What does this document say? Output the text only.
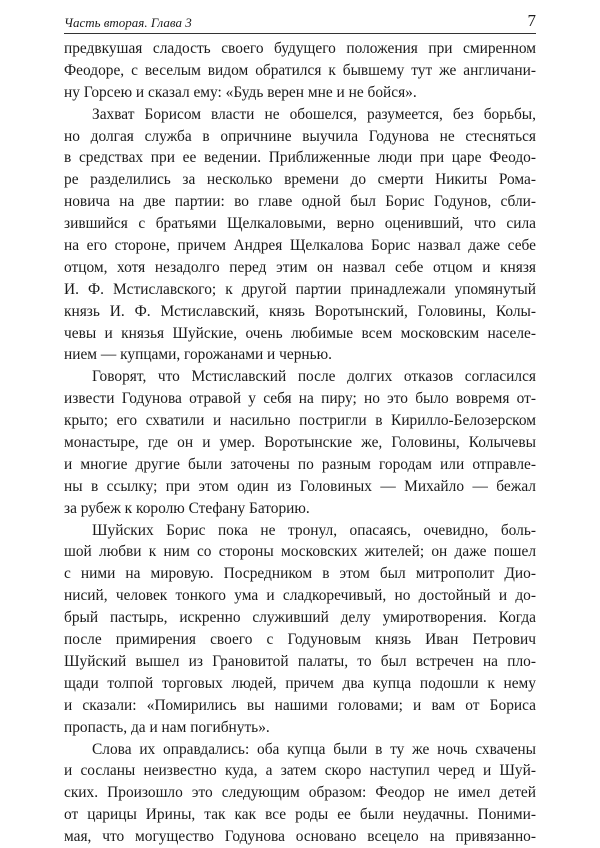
Часть вторая. Глава 3	7
предвкушая сладость своего будущего положения при смиренном
Феодоре, с веселым видом обратился к бывшему тут же англичани-
ну Горсею и сказал ему: «Будь верен мне и не бойся».
Захват Борисом власти не обошелся, разумеется, без борьбы,
но долгая служба в опричнине выучила Годунова не стесняться
в средствах при ее ведении. Приближенные люди при царе Феодо-
ре разделились за несколько времени до смерти Никиты Рома-
новича на две партии: во главе одной был Борис Годунов, сбли-
зившийся с братьями Щелкаловыми, верно оценивший, что сила
на его стороне, причем Андрея Щелкалова Борис назвал даже себе
отцом, хотя незадолго перед этим он назвал себе отцом и князя
И. Ф. Мстиславского; к другой партии принадлежали упомянутый
князь И. Ф. Мстиславский, князь Воротынский, Головины, Колы-
чевы и князья Шуйские, очень любимые всем московским населе-
нием — купцами, горожанами и чернью.
Говорят, что Мстиславский после долгих отказов согласился
извести Годунова отравой у себя на пиру; но это было вовремя от-
крыто; его схватили и насильно постригли в Кирилло-Белозерском
монастыре, где он и умер. Воротынские же, Головины, Колычевы
и многие другие были заточены по разным городам или отправле-
ны в ссылку; при этом один из Головиных — Михайло — бежал
за рубеж к королю Стефану Баторию.
Шуйских Борис пока не тронул, опасаясь, очевидно, боль-
шой любви к ним со стороны московских жителей; он даже пошел
с ними на мировую. Посредником в этом был митрополит Дио-
нисий, человек тонкого ума и сладкоречивый, но достойный и до-
брый пастырь, искренно служивший делу умиротворения. Когда
после примирения своего с Годуновым князь Иван Петрович
Шуйский вышел из Грановитой палаты, то был встречен на пло-
щади толпой торговых людей, причем два купца подошли к нему
и сказали: «Помирились вы нашими головами; и вам от Бориса
пропасть, да и нам погибнуть».
Слова их оправдались: оба купца были в ту же ночь схвачены
и сосланы неизвестно куда, а затем скоро наступил черед и Шуй-
ских. Произошло это следующим образом: Феодор не имел детей
от царицы Ирины, так как все роды ее были неудачны. Поними-
мая, что могущество Годунова основано всецело на привязанно-
